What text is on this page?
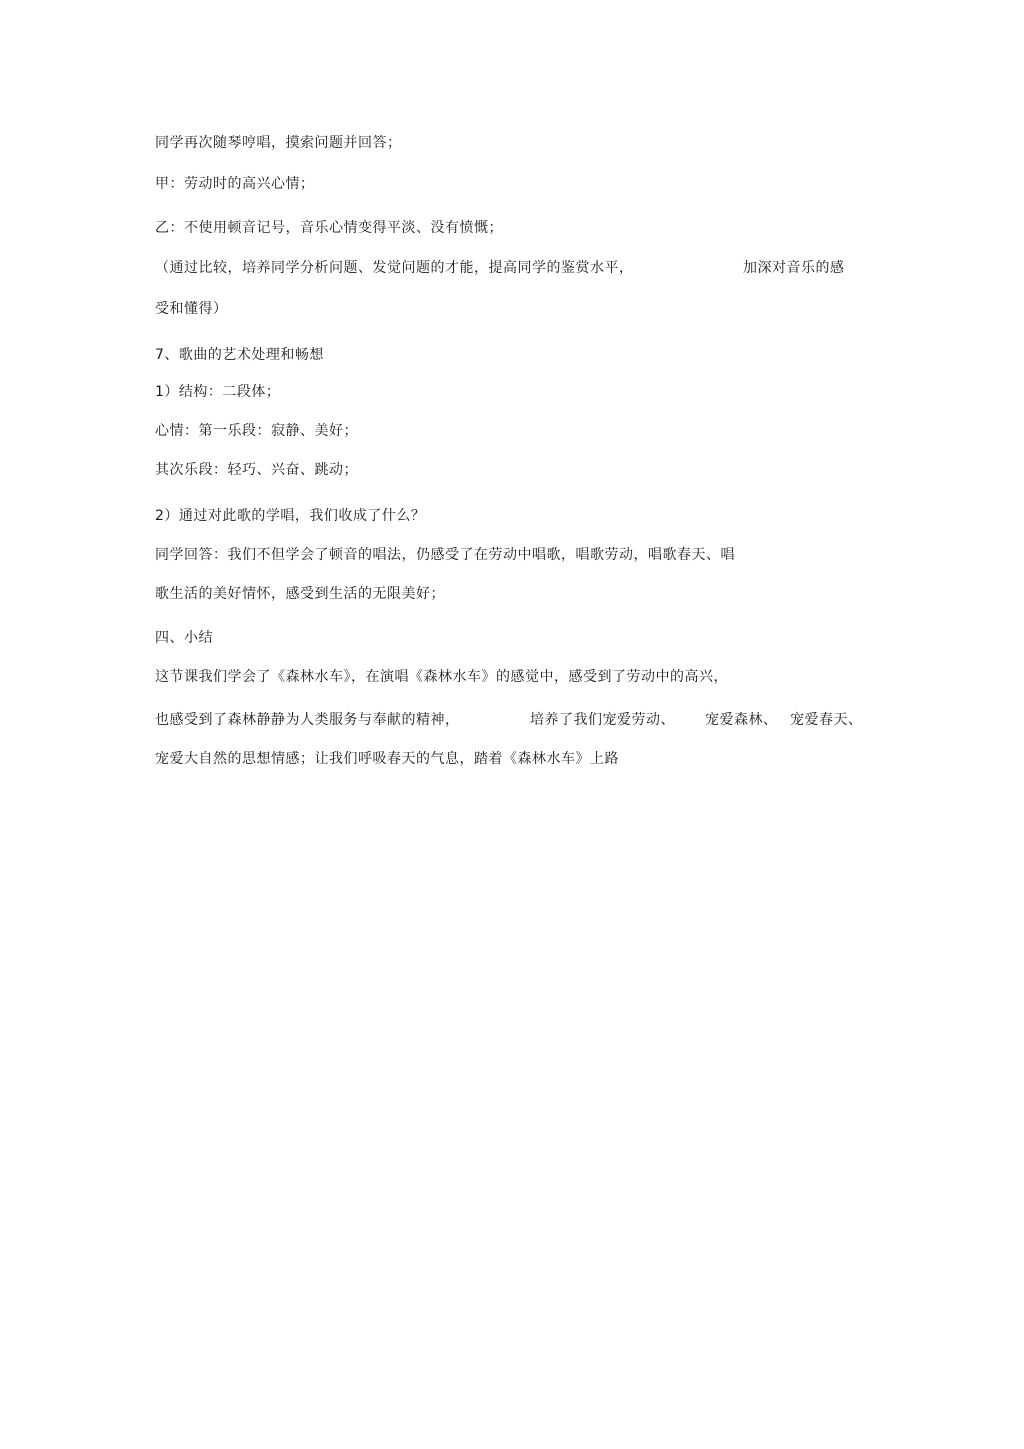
同学再次随琴哼唱，摸索问题并回答；
甲：劳动时的高兴心情；
乙：不使用顿音记号，音乐心情变得平淡、没有愤慨；
（通过比较，培养同学分析问题、发觉问题的才能，提高同学的鉴赏水平，	加深对音乐的感
受和懂得）
7、歌曲的艺术处理和畅想
1）结构：二段体；
心情：第一乐段：寂静、美好；
其次乐段：轻巧、兴奋、跳动；
2）通过对此歌的学唱，我们收成了什么？
同学回答：我们不但学会了顿音的唱法，仍感受了在劳动中唱歌，唱歌劳动，唱歌春天、唱
歌生活的美好情怀，感受到生活的无限美好；
四、小结
这节课我们学会了《森林水车》，在演唱《森林水车》的感觉中，感受到了劳动中的高兴，
也感受到了森林静静为人类服务与奉献的精神，	培养了我们宠爱劳动、 宠爱森林、 宠爱春天、
宠爱大自然的思想情感；让我们呼吸春天的气息，踏着《森林水车》上路
